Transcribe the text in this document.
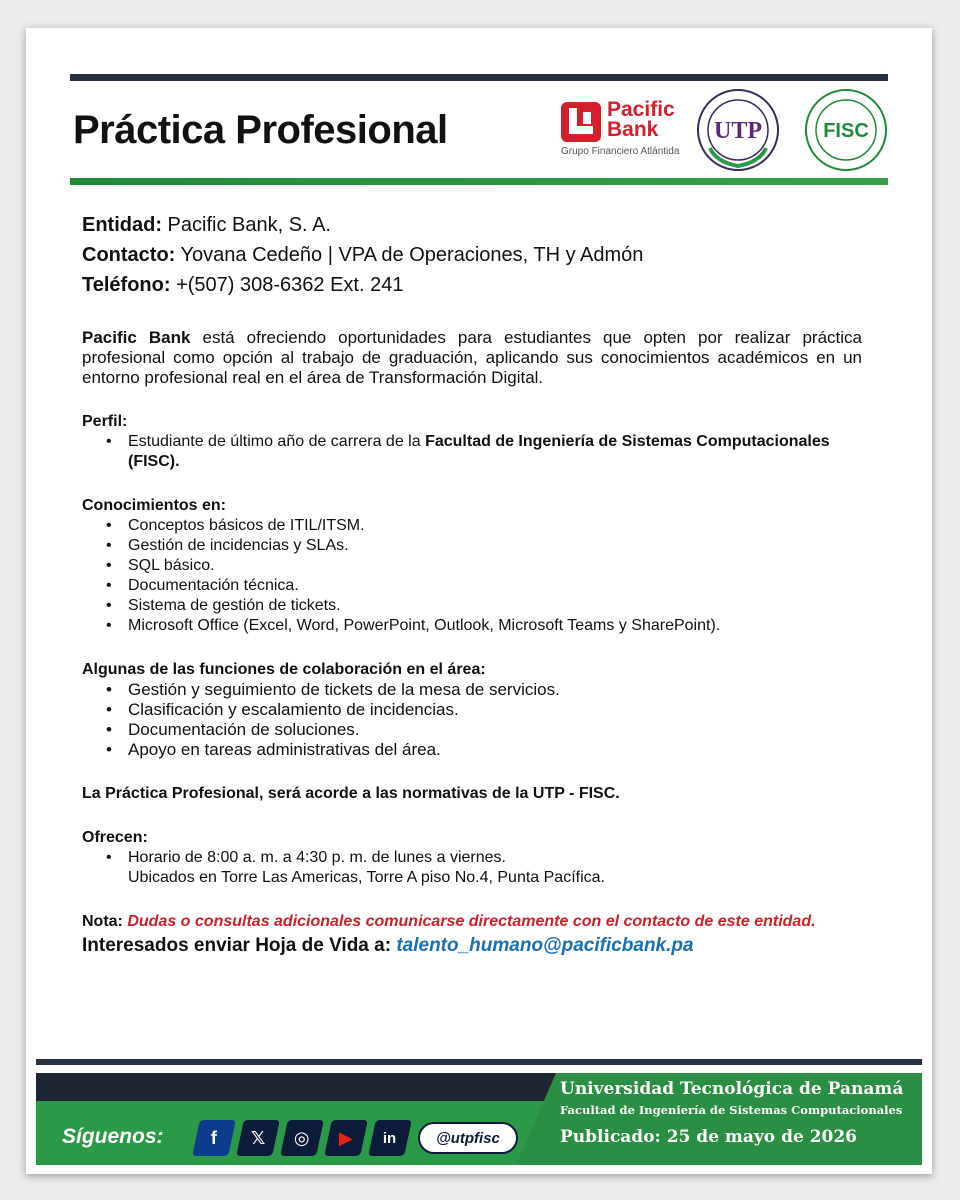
Práctica Profesional	Pacific
Bank
Grupo Financiero Atlántida
UTP	FISC
Entidad: Pacific Bank, S. A.
Contacto: Yovana Cedeño | VPA de Operaciones, TH y Admón
Teléfono: +(507) 308-6362 Ext. 241

Pacific Bank está ofreciendo oportunidades para estudiantes que opten por realizar práctica profesional como opción al trabajo de graduación, aplicando sus conocimientos académicos en un entorno profesional real en el área de Transformación Digital.

Perfil:
• Estudiante de último año de carrera de la Facultad de Ingeniería de Sistemas Computacionales (FISC).
Conocimientos en:
• Conceptos básicos de ITIL/ITSM.
• Gestión de incidencias y SLAs.
• SQL básico.
• Documentación técnica.
• Sistema de gestión de tickets.
• Microsoft Office (Excel, Word, PowerPoint, Outlook, Microsoft Teams y SharePoint).
Algunas de las funciones de colaboración en el área:
• Gestión y seguimiento de tickets de la mesa de servicios.
• Clasificación y escalamiento de incidencias.
• Documentación de soluciones.
• Apoyo en tareas administrativas del área.
La Práctica Profesional, será acorde a las normativas de la UTP - FISC.
Ofrecen:
• Horario de 8:00 a. m. a 4:30 p. m. de lunes a viernes.
Ubicados en Torre Las Americas, Torre A piso No.4, Punta Pacífica.
Nota: Dudas o consultas adicionales comunicarse directamente con el contacto de este entidad.
Interesados enviar Hoja de Vida a: talento_humano@pacificbank.pa
Síguenos:	f 𝕏 ◎ ▶ in	@utpfisc
Universidad Tecnológica de Panamá
Facultad de Ingeniería de Sistemas Computacionales
Publicado: 25 de mayo de 2026
